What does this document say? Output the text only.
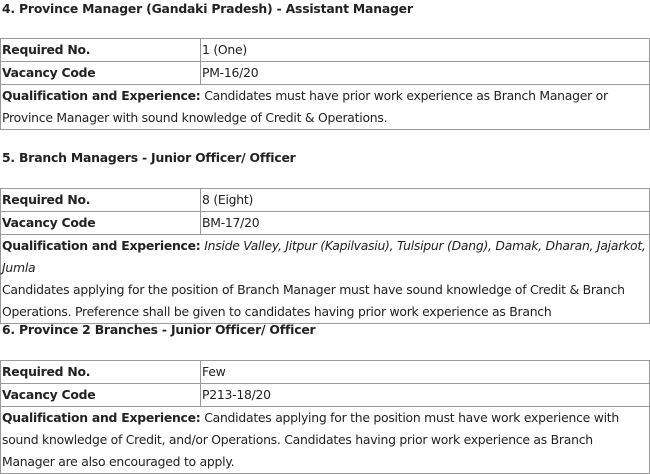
4. Province Manager (Gandaki Pradesh) - Assistant Manager

Required No.	1 (One)
Vacancy Code	PM-16/20
Qualification and Experience: Candidates must have prior work experience as Branch Manager or Province Manager with sound knowledge of Credit & Operations.	

5. Branch Managers - Junior Officer/ Officer

Required No.	8 (Eight)
Vacancy Code	BM-17/20
Qualification and Experience: Inside Valley, Jitpur (Kapilvasiu), Tulsipur (Dang), Damak, Dharan, Jajarkot, Jumla
Candidates applying for the position of Branch Manager must have sound knowledge of Credit & Branch Operations. Preference shall be given to candidates having prior work experience as Branch	

6. Province 2 Branches - Junior Officer/ Officer

Required No.	Few
Vacancy Code	P213-18/20
Qualification and Experience: Candidates applying for the position must have work experience with sound knowledge of Credit, and/or Operations. Candidates having prior work experience as Branch Manager are also encouraged to apply.	
